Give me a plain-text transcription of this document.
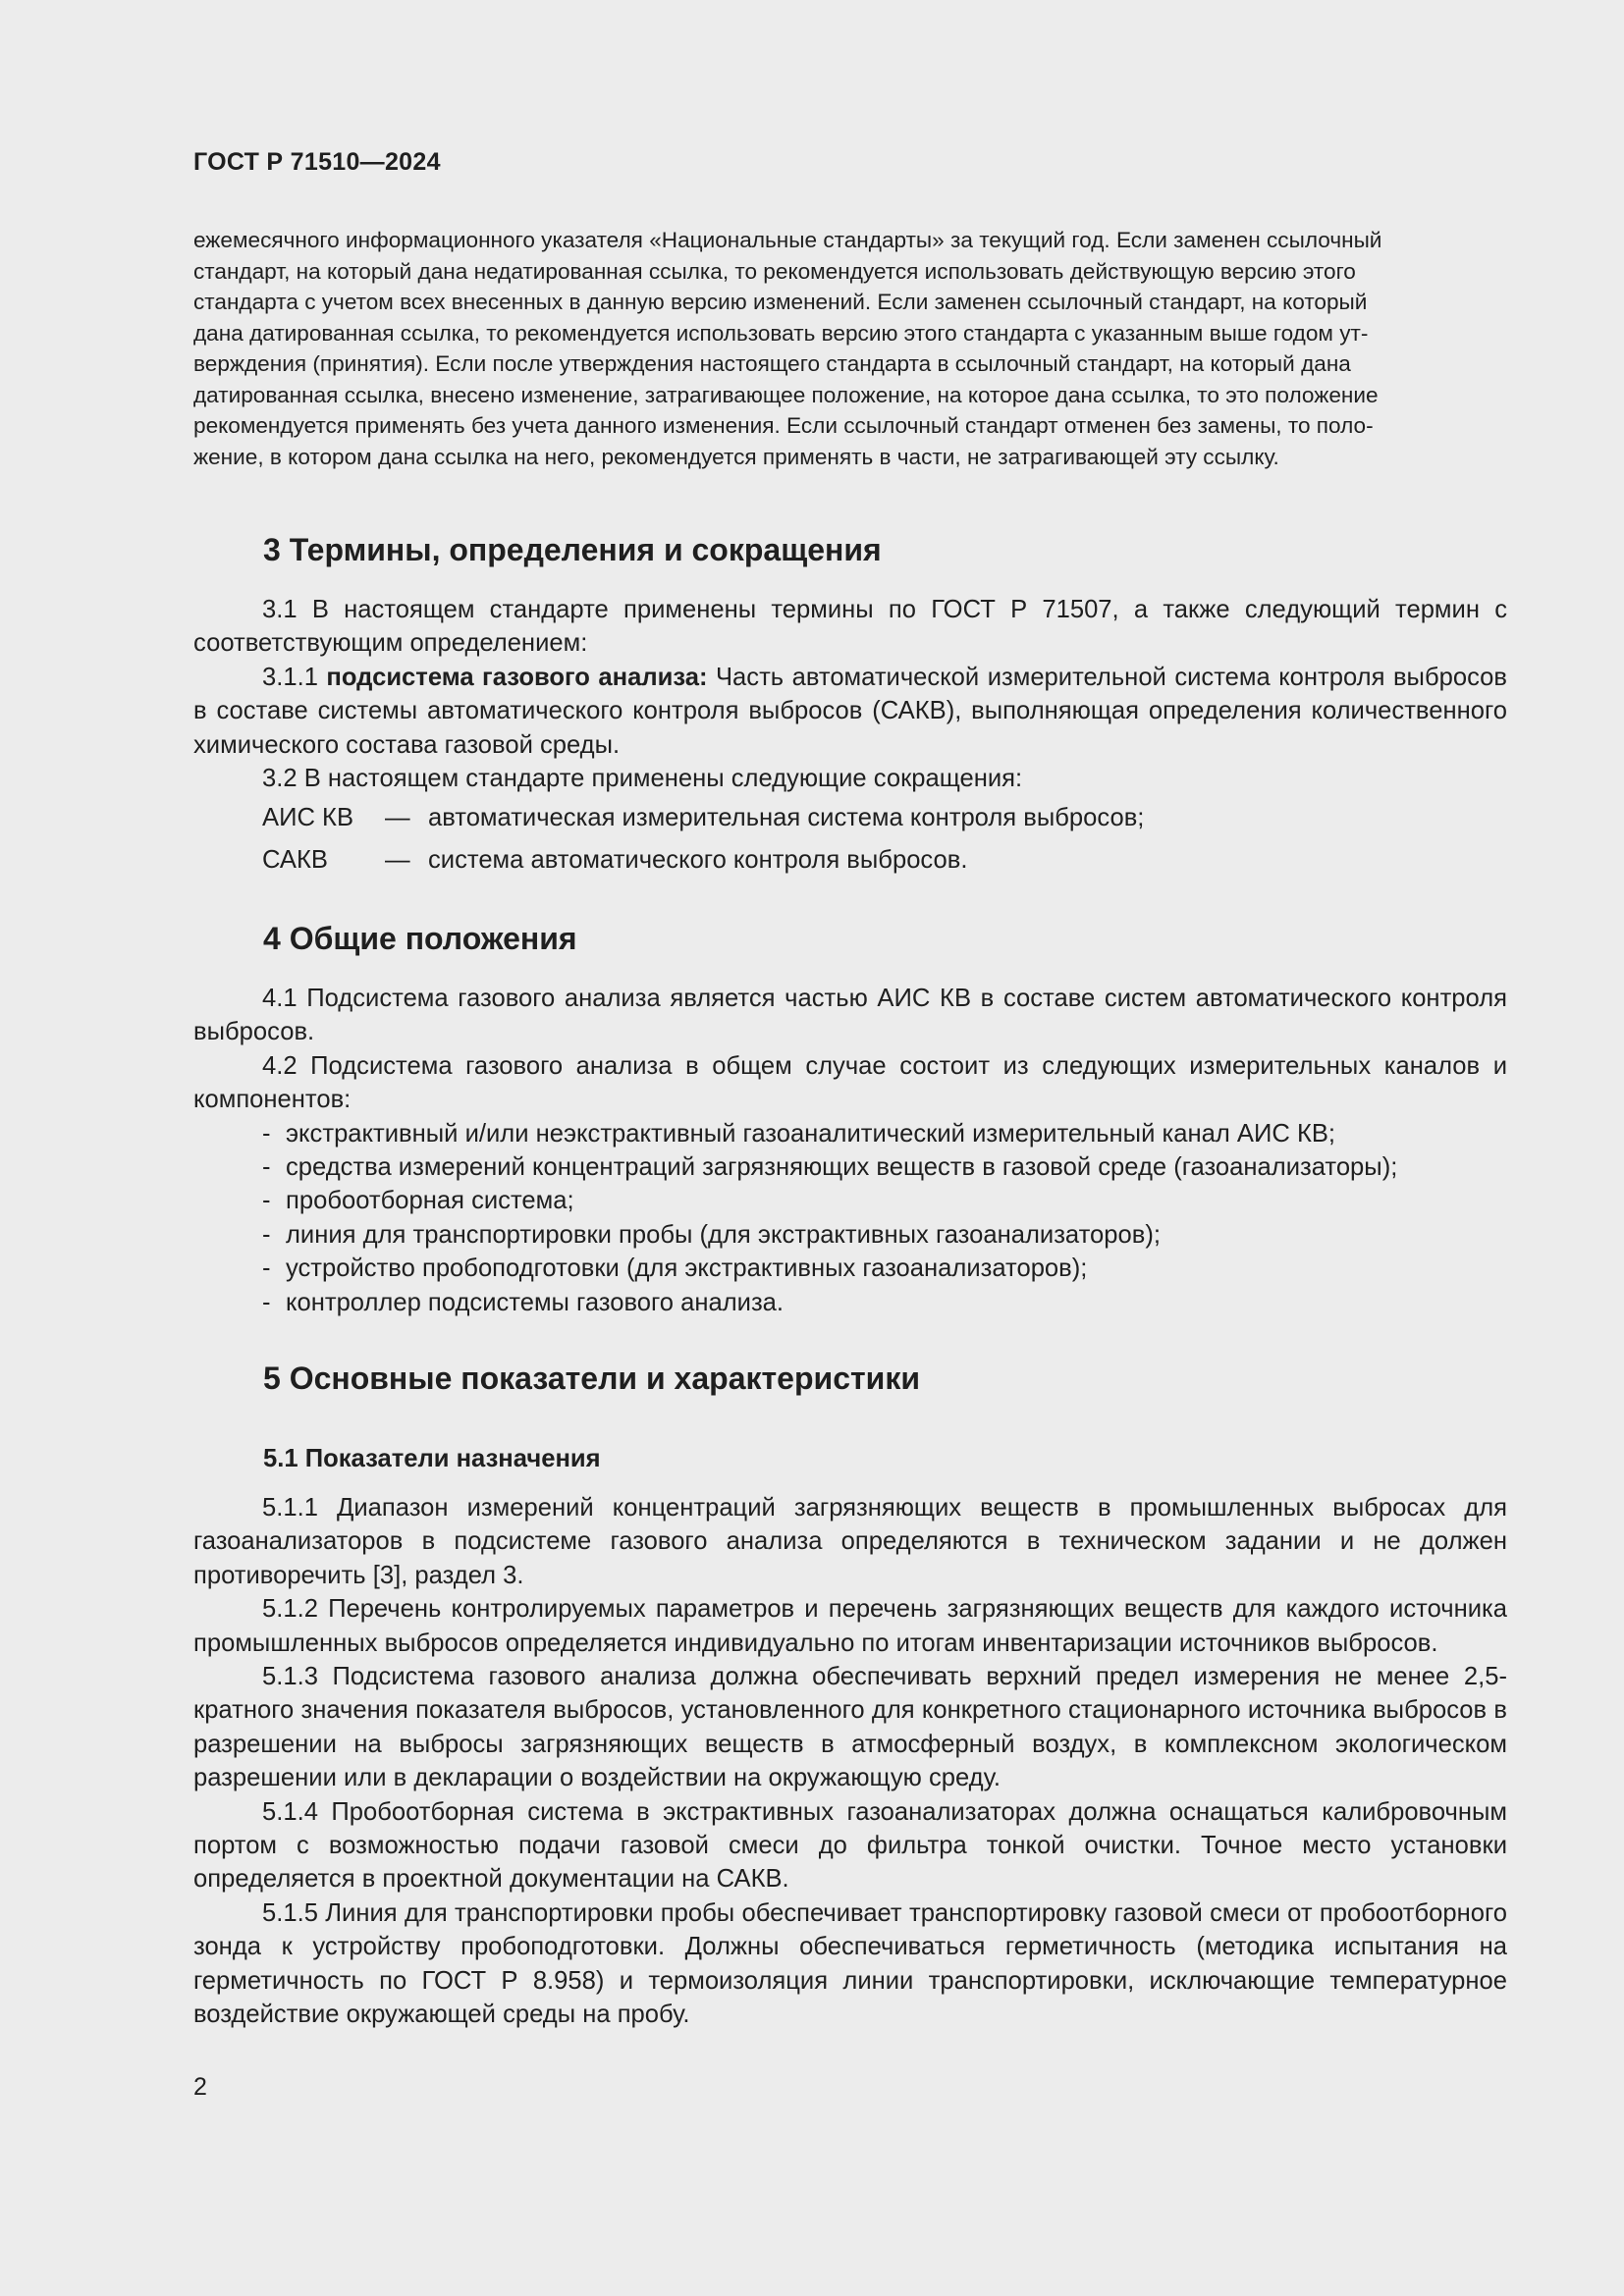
ГОСТ Р 71510—2024

ежемесячного информационного указателя «Национальные стандарты» за текущий год. Если заменен ссылочный

стандарт, на который дана недатированная ссылка, то рекомендуется использовать действующую версию этого

стандарта с учетом всех внесенных в данную версию изменений. Если заменен ссылочный стандарт, на который

дана датированная ссылка, то рекомендуется использовать версию этого стандарта с указанным выше годом ут-

верждения (принятия). Если после утверждения настоящего стандарта в ссылочный стандарт, на который дана

датированная ссылка, внесено изменение, затрагивающее положение, на которое дана ссылка, то это положение

рекомендуется применять без учета данного изменения. Если ссылочный стандарт отменен без замены, то поло-

жение, в котором дана ссылка на него, рекомендуется применять в части, не затрагивающей эту ссылку.

3 Термины, определения и сокращения

3.1 В настоящем стандарте применены термины по ГОСТ Р 71507, а также следующий термин с соответствующим определением:

3.1.1 подсистема газового анализа: Часть автоматической измерительной система контроля выбросов в составе системы автоматического контроля выбросов (САКВ), выполняющая определения количественного химического состава газовой среды.

3.2 В настоящем стандарте применены следующие сокращения:

АИС КВ	— автоматическая измерительная система контроля выбросов;
САКВ	— система автоматического контроля выбросов.
4 Общие положения

4.1 Подсистема газового анализа является частью АИС КВ в составе систем автоматического контроля выбросов.

4.2 Подсистема газового анализа в общем случае состоит из следующих измерительных каналов и компонентов:

- экстрактивный и/или неэкстрактивный газоаналитический измерительный канал АИС КВ;
- средства измерений концентраций загрязняющих веществ в газовой среде (газоанализаторы);
- пробоотборная система;
- линия для транспортировки пробы (для экстрактивных газоанализаторов);
- устройство пробоподготовки (для экстрактивных газоанализаторов);
- контроллер подсистемы газового анализа.
5 Основные показатели и характеристики
5.1 Показатели назначения

5.1.1 Диапазон измерений концентраций загрязняющих веществ в промышленных выбросах для газоанализаторов в подсистеме газового анализа определяются в техническом задании и не должен противоречить [3], раздел 3.

5.1.2 Перечень контролируемых параметров и перечень загрязняющих веществ для каждого источника промышленных выбросов определяется индивидуально по итогам инвентаризации источников выбросов.

5.1.3 Подсистема газового анализа должна обеспечивать верхний предел измерения не менее 2,5-кратного значения показателя выбросов, установленного для конкретного стационарного источника выбросов в разрешении на выбросы загрязняющих веществ в атмосферный воздух, в комплексном экологическом разрешении или в декларации о воздействии на окружающую среду.

5.1.4 Пробоотборная система в экстрактивных газоанализаторах должна оснащаться калибровочным портом с возможностью подачи газовой смеси до фильтра тонкой очистки. Точное место установки определяется в проектной документации на САКВ.

5.1.5 Линия для транспортировки пробы обеспечивает транспортировку газовой смеси от пробоотборного зонда к устройству пробоподготовки. Должны обеспечиваться герметичность (методика испытания на герметичность по ГОСТ Р 8.958) и термоизоляция линии транспортировки, исключающие температурное воздействие окружающей среды на пробу.

2
